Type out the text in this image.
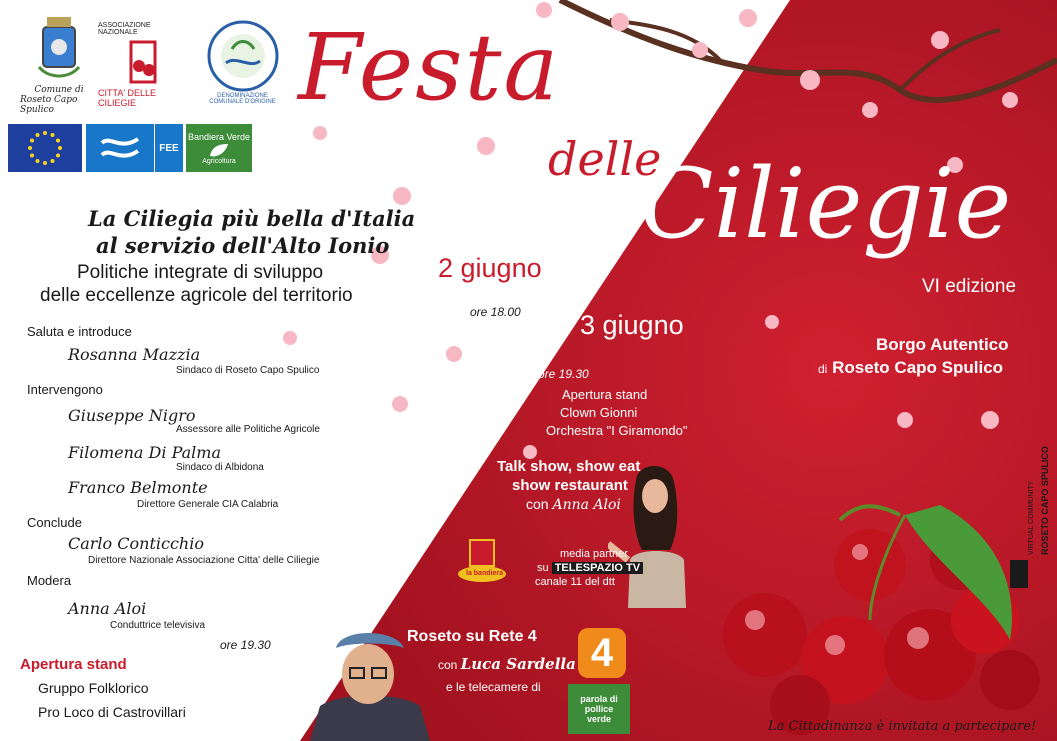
Comune di
Roseto Capo Spulico
ASSOCIAZIONE NAZIONALE
CITTA' DELLE CILIEGIE
DENOMINAZIONE COMUNALE D'ORIGINE
FEE
Bandiera Verde
Agricoltura
Festa
delle
Ciliegie
VI edizione
Borgo Autentico
di Roseto Capo Spulico
La Ciliegia più bella d'Italia
al servizio dell'Alto Ionio
Politiche integrate di sviluppo
delle eccellenze agricole del territorio
2 giugno
ore 18.00 3 giugno
ore 19.30
Apertura stand
Clown Gionni
Orchestra "I Giramondo"
Talk show, show eat
show restaurant
con Anna Aloi
la bandiera
media partner
su TELESPAZIO TV
canale 11 del dtt
Roseto su Rete 4
con Luca Sardella
e le telecamere di
4
parola di
pollice
verde
Saluta e introduce
Rosanna Mazzia
Sindaco di Roseto Capo Spulico
Intervengono
Giuseppe Nigro
Assessore alle Politiche Agricole
Filomena Di Palma
Sindaco di Albidona
Franco Belmonte
Direttore Generale CIA Calabria
Conclude
Carlo Conticchio
Direttore Nazionale Associazione Citta' delle Ciliegie
Modera
Anna Aloi
Conduttrice televisiva
ore 19.30
Apertura stand
Gruppo Folklorico
Pro Loco di Castrovillari
VIRTUAL COMMUNITY ROSETO CAPO SPULICO
La Cittadinanza è invitata a partecipare!
